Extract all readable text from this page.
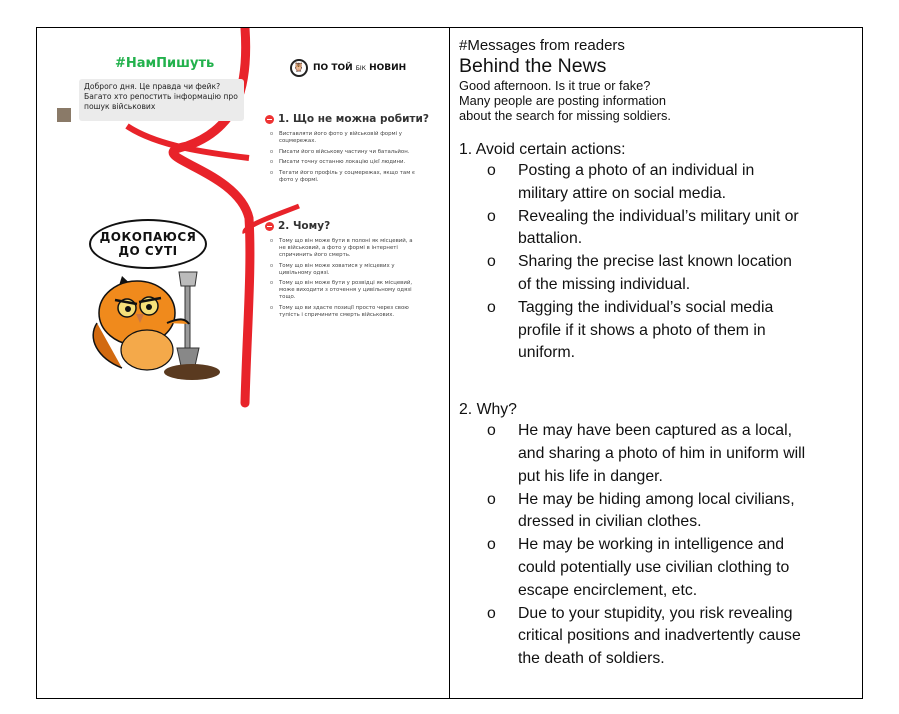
#НамПишуть
Доброго дня. Це правда чи фейк?
Багато хто репостить інформацію про
пошук військових
🦉 ПО ТОЙ БІК НОВИН
1. Що не можна робити?
o Виставляти його фото у військовій формі у соцмережах.
o Писати його військову частину чи батальйон.
o Писати точну останню локацію цієї людини.
o Тегати його профіль у соцмережах, якщо там є фото у формі.
2. Чому?
o Тому що він може бути в полоні як місцевий, а не військовий, а фото у формі в інтернеті спричинить його смерть.
o Тому що він може ховатися у місцевих у цивільному одязі.
o Тому що він може бути у розвідці як місцевий, може виходити з оточення у цивільному одязі тощо.
o Тому що ви здасте позиції просто через свою тупість і спричините смерть військових.
ДОКОПАЮСЯ
ДО СУТІ
#Messages from readers
Behind the News
Good afternoon. Is it true or fake?
Many people are posting information
about the search for missing soldiers.
1. Avoid certain actions:
o Posting a photo of an individual in
military attire on social media.
o Revealing the individual’s military unit or
battalion.
o Sharing the precise last known location
of the missing individual.
o Tagging the individual’s social media
profile if it shows a photo of them in
uniform.
2. Why?
o He may have been captured as a local,
and sharing a photo of him in uniform will
put his life in danger.
o He may be hiding among local civilians,
dressed in civilian clothes.
o He may be working in intelligence and
could potentially use civilian clothing to
escape encirclement, etc.
o Due to your stupidity, you risk revealing
critical positions and inadvertently cause
the death of soldiers.
